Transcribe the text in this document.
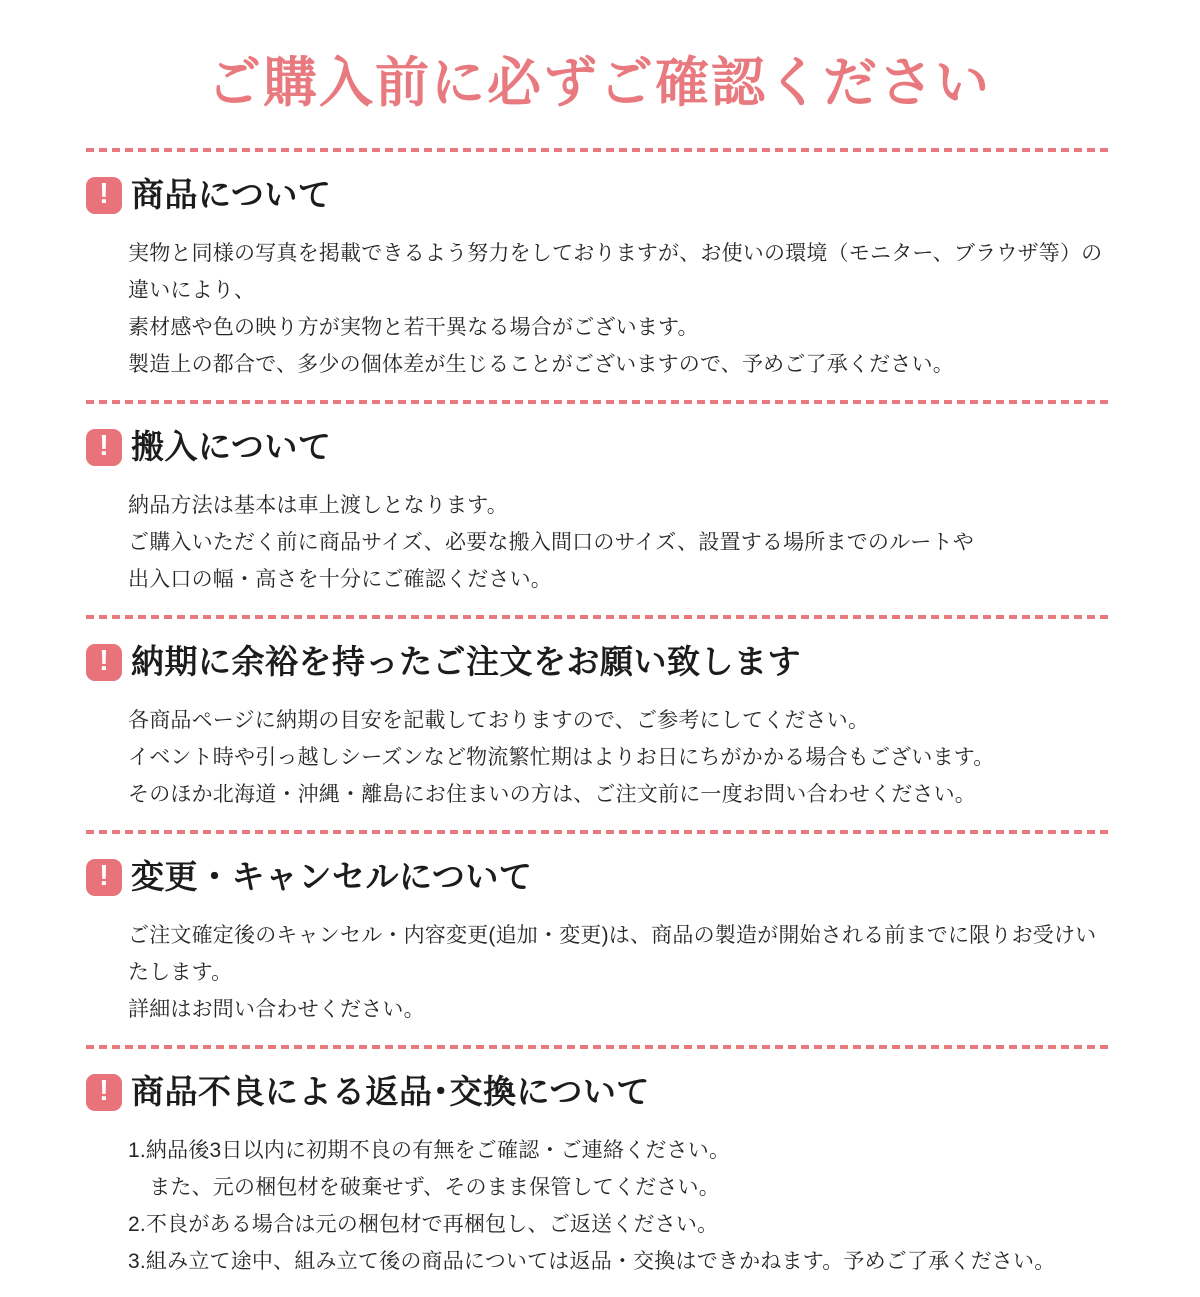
ご購入前に必ずご確認ください
! 商品について

実物と同様の写真を掲載できるよう努力をしておりますが、お使いの環境（モニター、ブラウザ等）の違いにより、

素材感や色の映り方が実物と若干異なる場合がございます。

製造上の都合で、多少の個体差が生じることがございますので、予めご了承ください。

! 搬入について

納品方法は基本は車上渡しとなります。

ご購入いただく前に商品サイズ、必要な搬入間口のサイズ、設置する場所までのルートや

出入口の幅・高さを十分にご確認ください。

! 納期に余裕を持ったご注文をお願い致します

各商品ページに納期の目安を記載しておりますので、ご参考にしてください。

イベント時や引っ越しシーズンなど物流繁忙期はよりお日にちがかかる場合もございます。

そのほか北海道・沖縄・離島にお住まいの方は、ご注文前に一度お問い合わせください。

! 変更・キャンセルについて

ご注文確定後のキャンセル・内容変更(追加・変更)は、商品の製造が開始される前までに限りお受けいたします。

詳細はお問い合わせください。

! 商品不良による返品･交換について

1.納品後3日以内に初期不良の有無をご確認・ご連絡ください。

　また、元の梱包材を破棄せず、そのまま保管してください。

2.不良がある場合は元の梱包材で再梱包し、ご返送ください。

3.組み立て途中、組み立て後の商品については返品・交換はできかねます。予めご了承ください。
